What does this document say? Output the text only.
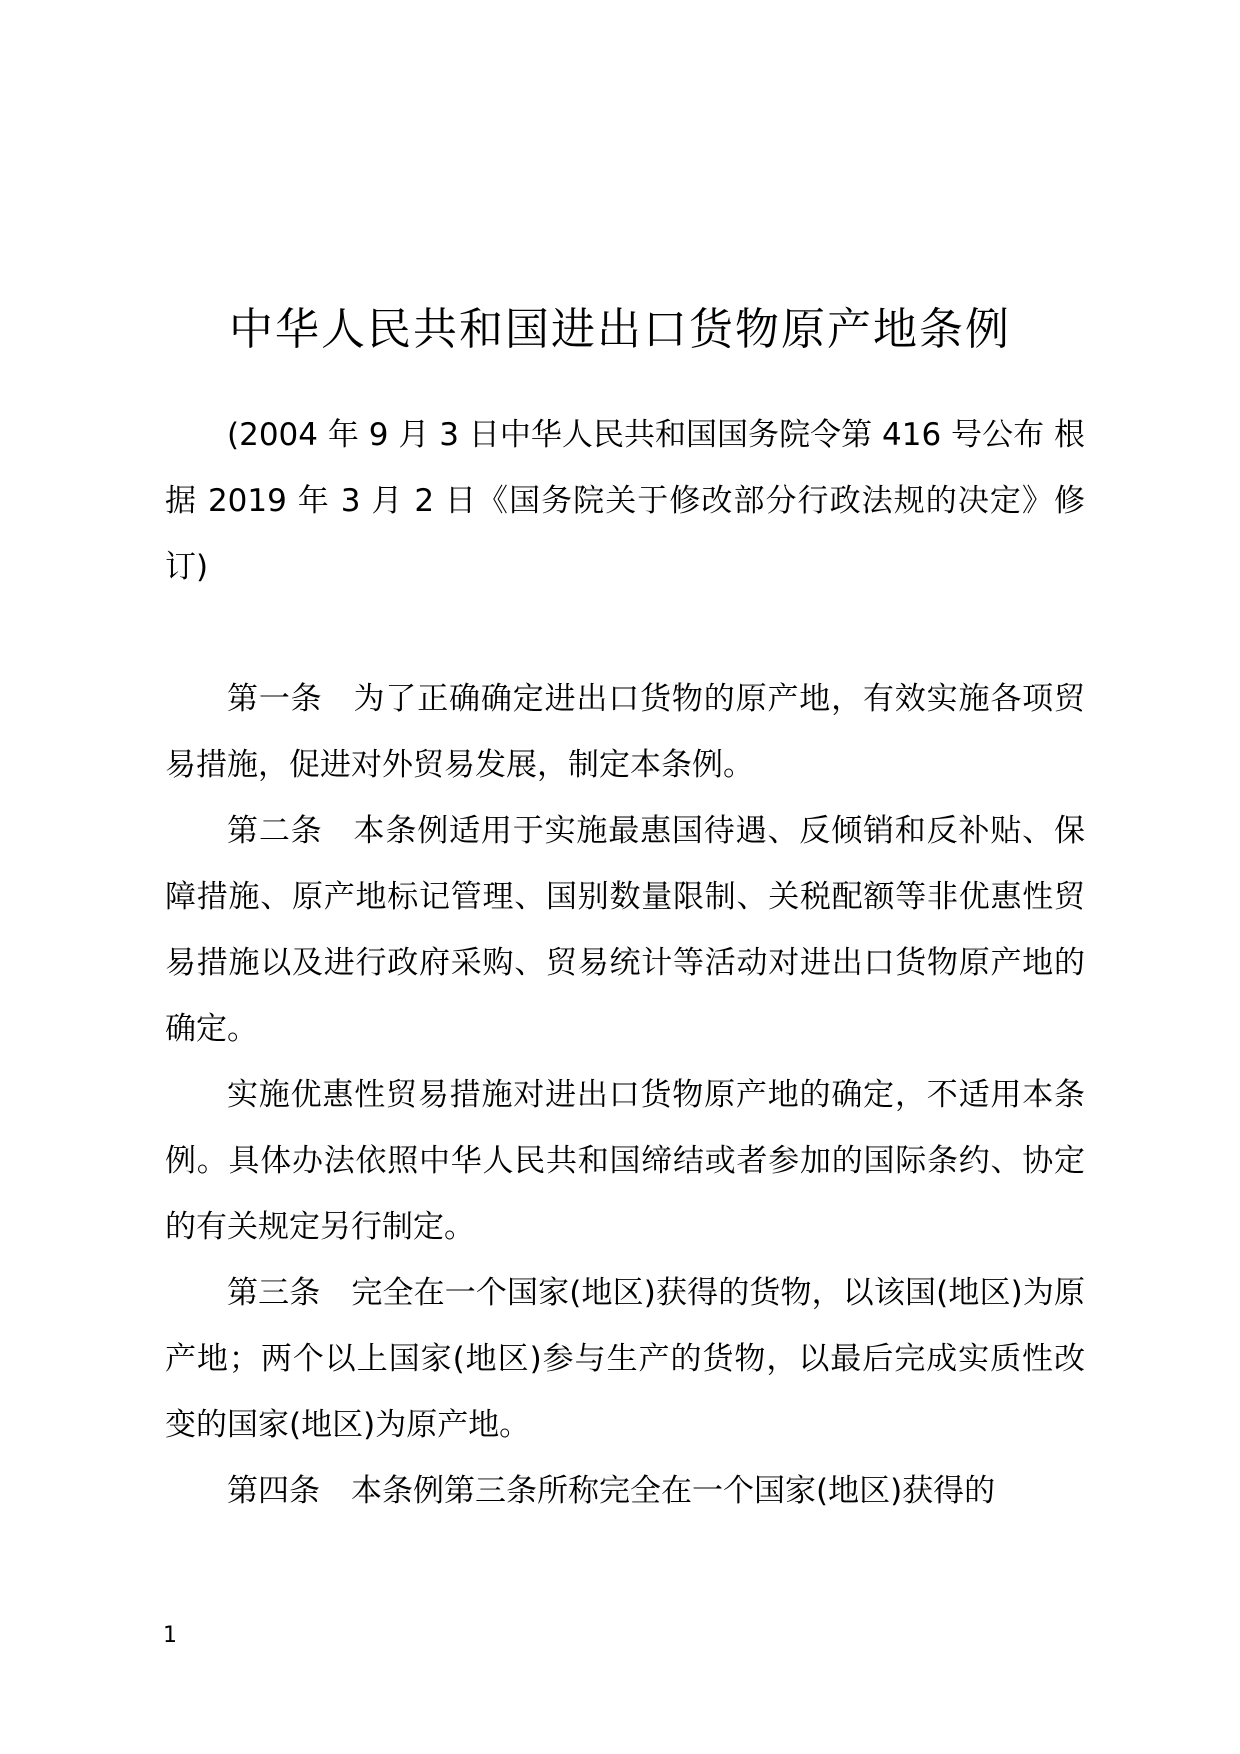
中华人民共和国进出口货物原产地条例

(2004 年 9 月 3 日中华人民共和国国务院令第 416 号公布 根据 2019 年 3 月 2 日《国务院关于修改部分行政法规的决定》修订)

第一条 为了正确确定进出口货物的原产地，有效实施各项贸易措施，促进对外贸易发展，制定本条例。

第二条 本条例适用于实施最惠国待遇、反倾销和反补贴、保障措施、原产地标记管理、国别数量限制、关税配额等非优惠性贸易措施以及进行政府采购、贸易统计等活动对进出口货物原产地的确定。

实施优惠性贸易措施对进出口货物原产地的确定，不适用本条例。具体办法依照中华人民共和国缔结或者参加的国际条约、协定的有关规定另行制定。

第三条 完全在一个国家(地区)获得的货物，以该国(地区)为原产地；两个以上国家(地区)参与生产的货物，以最后完成实质性改变的国家(地区)为原产地。

第四条 本条例第三条所称完全在一个国家(地区)获得的

1
